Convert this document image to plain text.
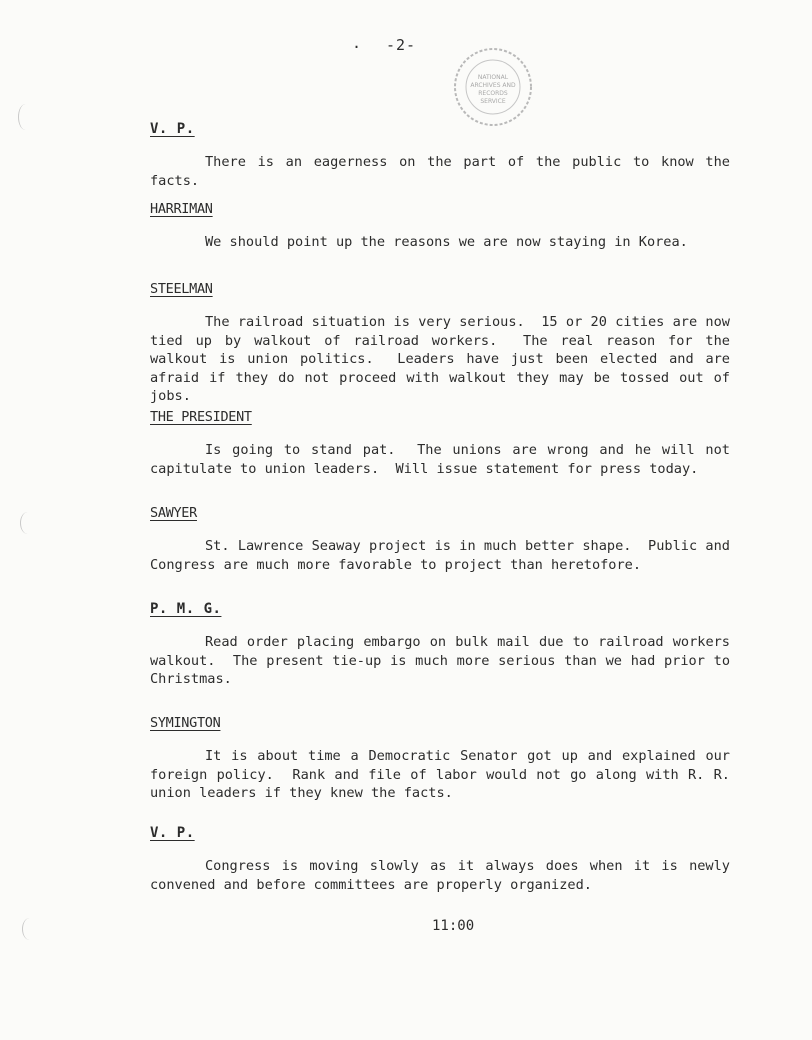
. -2-
NATIONAL
ARCHIVES AND
RECORDS
SERVICE
V. P.
There is an eagerness on the part of the public to know the facts.
HARRIMAN
We should point up the reasons we are now staying in Korea.
STEELMAN
The railroad situation is very serious.  15 or 20 cities are now tied up by walkout of railroad workers.  The real reason for the walkout is union politics.  Leaders have just been elected and are afraid if they do not proceed with walkout they may be tossed out of jobs.
THE PRESIDENT
Is going to stand pat.  The unions are wrong and he will not capitulate to union leaders.  Will issue statement for press today.
SAWYER
St. Lawrence Seaway project is in much better shape.  Public and Congress are much more favorable to project than heretofore.
P. M. G.
Read order placing embargo on bulk mail due to railroad workers walkout.  The present tie-up is much more serious than we had prior to Christmas.
SYMINGTON
It is about time a Democratic Senator got up and explained our foreign policy.  Rank and file of labor would not go along with R. R. union leaders if they knew the facts.
V. P.
Congress is moving slowly as it always does when it is newly convened and before committees are properly organized.
11:00
